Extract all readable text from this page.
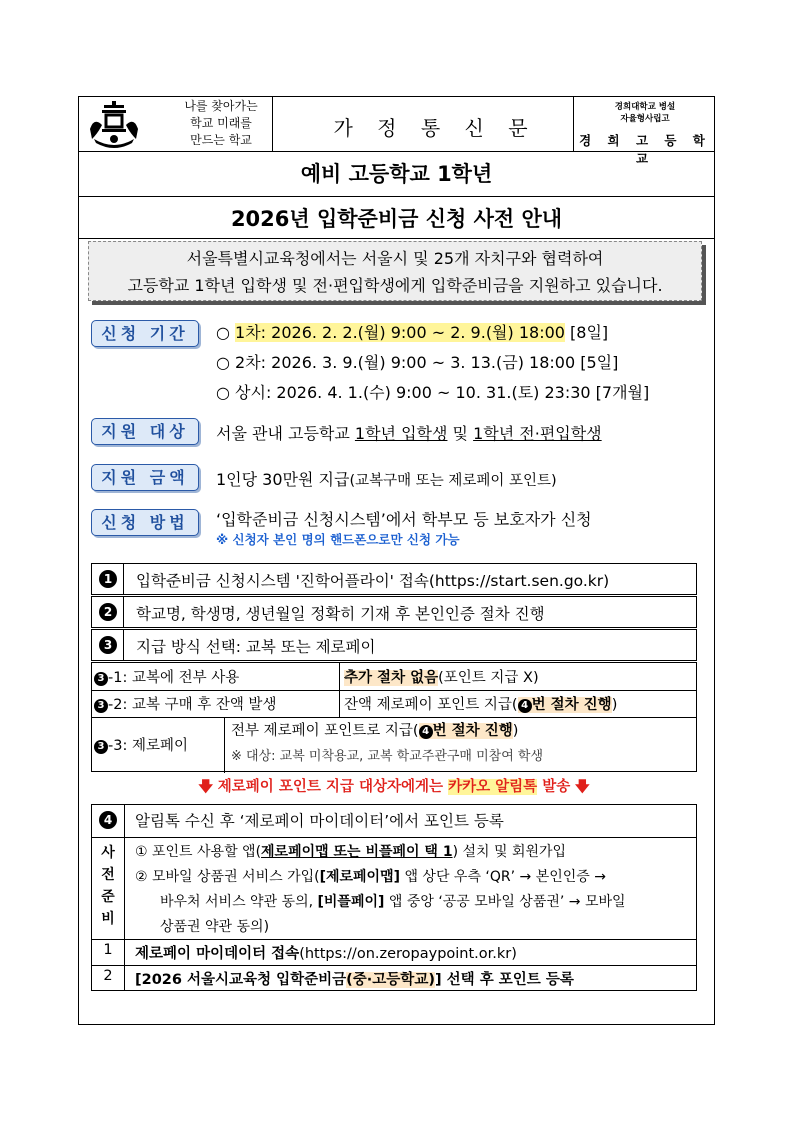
나를 찾아가는
학교 미래를
만드는 학교	가 정 통 신 문
경희대학교 병설
자율형사립고
경 희 고 등 학 교
예비 고등학교 1학년
2026년 입학준비금 신청 사전 안내
서울특별시교육청에서는 서울시 및 25개 자치구와 협력하여
고등학교 1학년 입학생 및 전·편입학생에게 입학준비금을 지원하고 있습니다.
신청 기간	○ 1차: 2026. 2. 2.(월) 9:00 ~ 2. 9.(월) 18:00 [8일]
○ 2차: 2026. 3. 9.(월) 9:00 ~ 3. 13.(금) 18:00 [5일]
○ 상시: 2026. 4. 1.(수) 9:00 ~ 10. 31.(토) 23:30 [7개월]
지원 대상	서울 관내 고등학교 1학년 입학생 및 1학년 전·편입학생
지원 금액	1인당 30만원 지급(교복구매 또는 제로페이 포인트)
신청 방법	‘입학준비금 신청시스템’에서 학부모 등 보호자가 신청
※ 신청자 본인 명의 핸드폰으로만 신청 가능
1	입학준비금 신청시스템 '진학어플라이' 접속(https://start.sen.go.kr)
2	학교명, 학생명, 생년월일 정확히 기재 후 본인인증 절차 진행
3	지급 방식 선택: 교복 또는 제로페이
3 -1: 교복에 전부 사용	추가 절차 없음(포인트 지급 X)
3 -2: 교복 구매 후 잔액 발생	잔액 제로페이 포인트 지급( 4 번 절차 진행)
3 -3: 제로페이
전부 제로페이 포인트로 지급( 4 번 절차 진행)
※ 대상: 교복 미착용교, 교복 학교주관구매 미참여 학생
🡇 제로페이 포인트 지급 대상자에게는 카카오 알림톡 발송 🡇
4	알림톡 수신 후 ‘제로페이 마이데이터’에서 포인트 등록
사
전
준
비
① 포인트 사용할 앱(제로페이맵 또는 비플페이 택 1) 설치 및 회원가입
② 모바일 상품권 서비스 가입([제로페이맵] 앱 상단 우측 ‘QR’ → 본인인증 →
바우처 서비스 약관 동의, [비플페이] 앱 중앙 ‘공공 모바일 상품권’ → 모바일
상품권 약관 동의)
1	제로페이 마이데이터 접속(https://on.zeropaypoint.or.kr)
2	[2026 서울시교육청 입학준비금(중·고등학교)] 선택 후 포인트 등록
